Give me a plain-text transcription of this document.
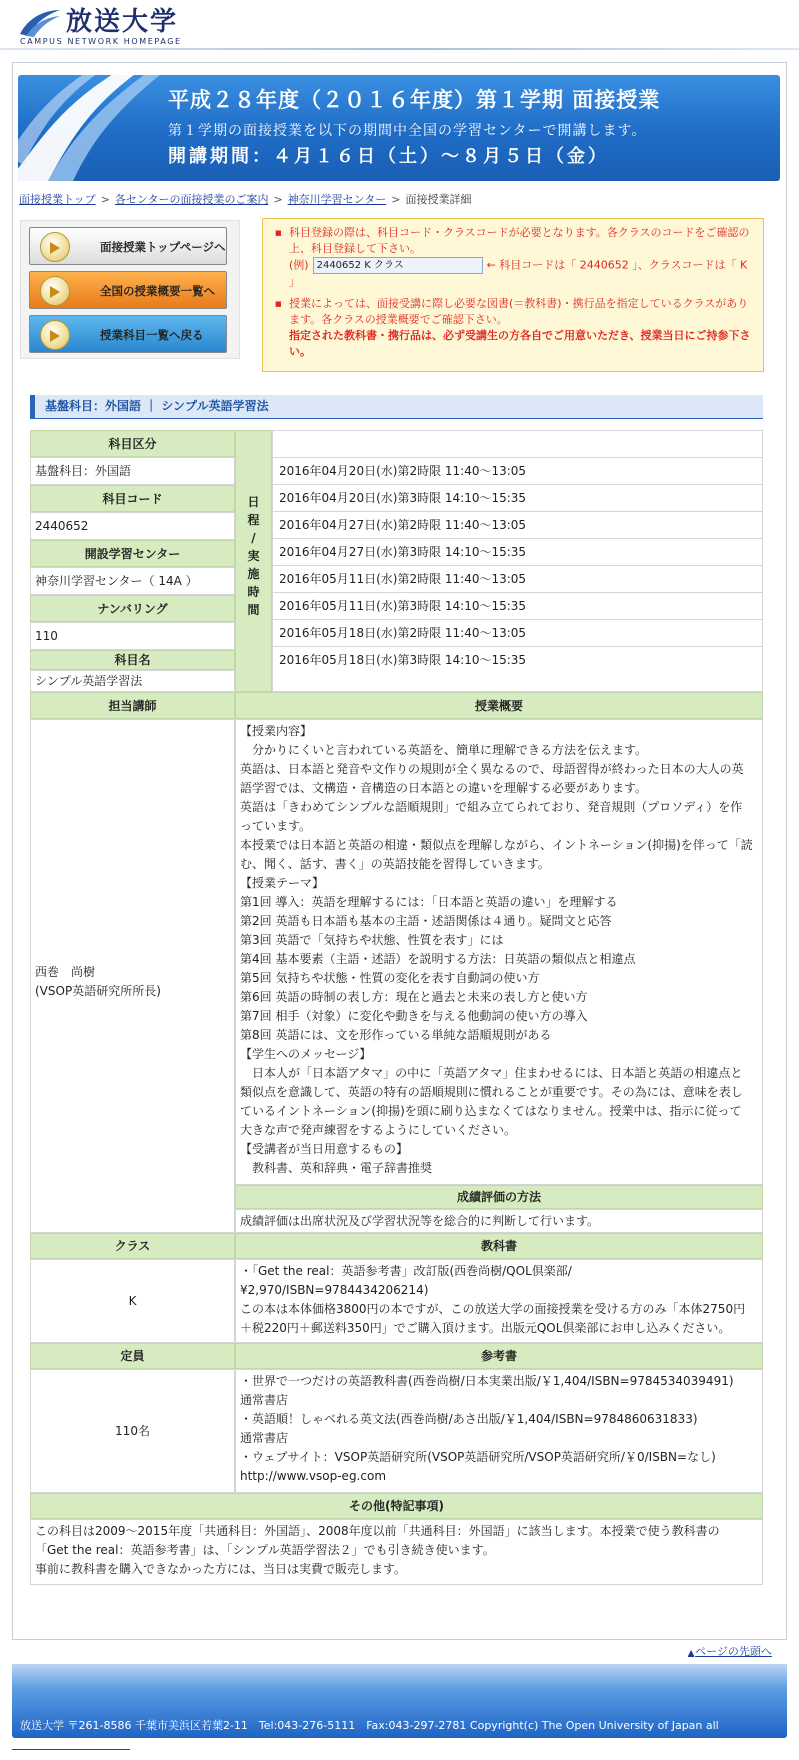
放送大学
CAMPUS NETWORK HOMEPAGE
平成２８年度（２０１６年度）第１学期 面接授業
第１学期の面接授業を以下の期間中全国の学習センターで開講します。
開講期間：４月１６日（土）〜８月５日（金）
面接授業トップ > 各センターの面接授業のご案内 > 神奈川学習センター > 面接授業詳細
面接授業トップページへ
全国の授業概要一覧へ
授業科目一覧へ戻る
■ 科目登録の際は、科目コード・クラスコードが必要となります。各クラスのコードをご確認の上、科目登録して下さい。
(例) 2440652 K クラス	← 科目コードは「 2440652 」、クラスコードは「 K 」
■ 授業によっては、面接受講に際し必要な図書(＝教科書)・携行品を指定しているクラスがあります。各クラスの授業概要でご確認下さい。
指定された教科書・携行品は、必ず受講生の方各自でご用意いただき、授業当日にご持参下さい。
基盤科目：外国語 ｜ シンプル英語学習法
科目区分
基盤科目：外国語
科目コード
2440652
開設学習センター
神奈川学習センター（ 14A ）
ナンバリング
110
科目名
シンプル英語学習法
日
程
/
実
施
時
間
2016年04月20日(水)第2時限 11:40～13:05
2016年04月20日(水)第3時限 14:10～15:35
2016年04月27日(水)第2時限 11:40～13:05
2016年04月27日(水)第3時限 14:10～15:35
2016年05月11日(水)第2時限 11:40～13:05
2016年05月11日(水)第3時限 14:10～15:35
2016年05月18日(水)第2時限 11:40～13:05
2016年05月18日(水)第3時限 14:10～15:35
担当講師	授業概要
西巻　尚樹
(VSOP英語研究所所長)
【授業内容】
　分かりにくいと言われている英語を、簡単に理解できる方法を伝えます。
英語は、日本語と発音や文作りの規則が全く異なるので、母語習得が終わった日本の大人の英
語学習では、文構造・音構造の日本語との違いを理解する必要があります。
英語は「きわめてシンプルな語順規則」で組み立てられており、発音規則（プロソディ）を作
っています。
本授業では日本語と英語の相違・類似点を理解しながら、イントネーション(抑揚)を伴って「読
む、聞く、話す、書く」の英語技能を習得していきます。
【授業テーマ】
第1回 導入：英語を理解するには：「日本語と英語の違い」を理解する
第2回 英語も日本語も基本の主語・述語関係は４通り。疑問文と応答
第3回 英語で「気持ちや状態、性質を表す」には
第4回 基本要素（主語・述語）を説明する方法：日英語の類似点と相違点
第5回 気持ちや状態・性質の変化を表す自動詞の使い方
第6回 英語の時制の表し方：現在と過去と未来の表し方と使い方
第7回 相手（対象）に変化や動きを与える他動詞の使い方の導入
第8回 英語には、文を形作っている単純な語順規則がある
【学生へのメッセージ】
　日本人が「日本語アタマ」の中に「英語アタマ」住まわせるには、日本語と英語の相違点と
類似点を意識して、英語の特有の語順規則に慣れることが重要です。その為には、意味を表し
ているイントネーション(抑揚)を頭に刷り込まなくてはなりません。授業中は、指示に従って
大きな声で発声練習をするようにしていください。
【受講者が当日用意するもの】
　教科書、英和辞典・電子辞書推奨
成績評価の方法
成績評価は出席状況及び学習状況等を総合的に判断して行います。
クラス	教科書
K
・「Get the real：英語参考書」改訂版(西巻尚樹/QOL倶楽部/
¥2,970/ISBN=9784434206214)
この本は本体価格3800円の本ですが、この放送大学の面接授業を受ける方のみ「本体2750円
＋税220円＋郵送料350円」でご購入頂けます。出版元QOL倶楽部にお申し込みください。
定員	参考書
110名
・世界で一つだけの英語教科書(西巻尚樹/日本実業出版/￥1,404/ISBN=9784534039491)
通常書店
・英語順！しゃべれる英文法(西巻尚樹/あさ出版/￥1,404/ISBN=9784860631833)
通常書店
・ウェブサイト：VSOP英語研究所(VSOP英語研究所/VSOP英語研究所/￥0/ISBN=なし)
http://www.vsop-eg.com
その他(特記事項)
この科目は2009～2015年度「共通科目：外国語」、2008年度以前「共通科目：外国語」に該当します。本授業で使う教科書の
「Get the real：英語参考書」は、「シンプル英語学習法２」でも引き続き使います。
事前に教科書を購入できなかった方には、当日は実費で販売します。
▲ページの先頭へ
放送大学 〒261-8586 千葉市美浜区若葉2-11　Tel:043-276-5111　Fax:043-297-2781 Copyright(c) The Open University of Japan all
